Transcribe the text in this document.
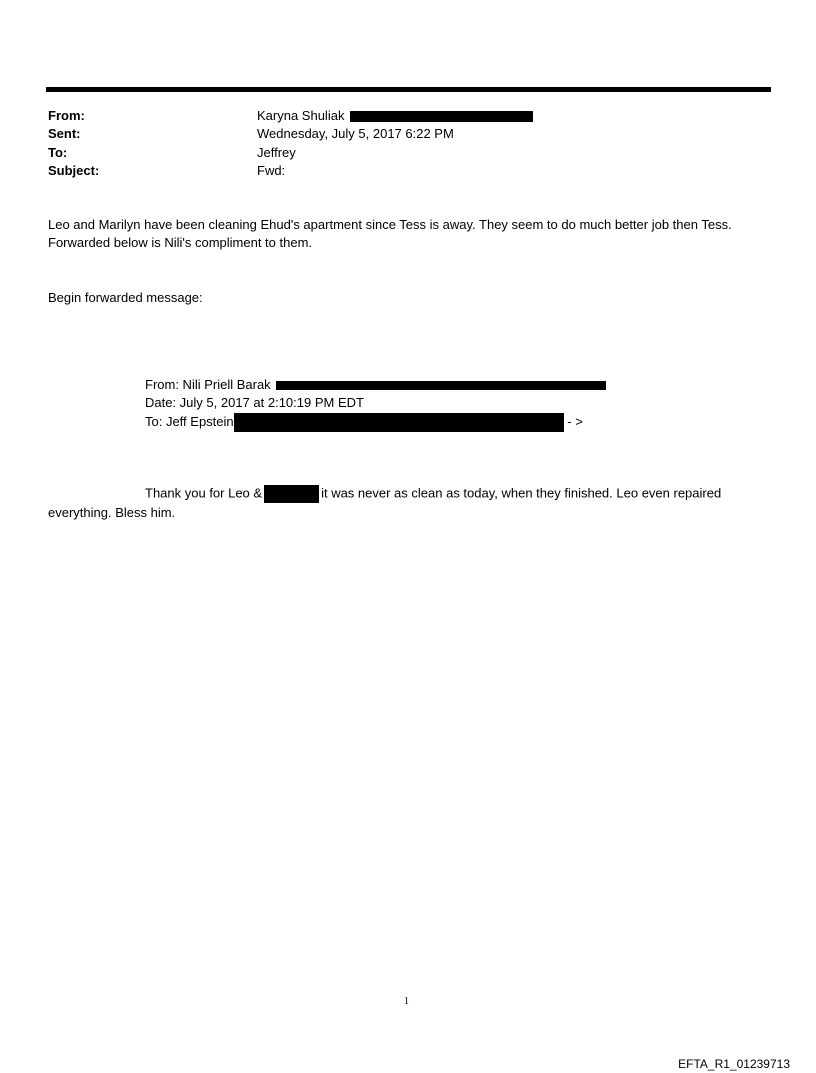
From:	Karyna Shuliak
Sent:	Wednesday, July 5, 2017 6:22 PM
To:	Jeffrey
Subject:	Fwd:
Leo and Marilyn have been cleaning Ehud's apartment since Tess is away. They seem to do much better job then Tess.
Forwarded below is Nili's compliment to them.
Begin forwarded message:
From: Nili Priell Barak
Date: July 5, 2017 at 2:10:19 PM EDT
To: Jeff Epstein	- >
Thank you for Leo &	it was never as clean as today, when they finished. Leo even repaired
everything. Bless him.
1
EFTA_R1_01239713
